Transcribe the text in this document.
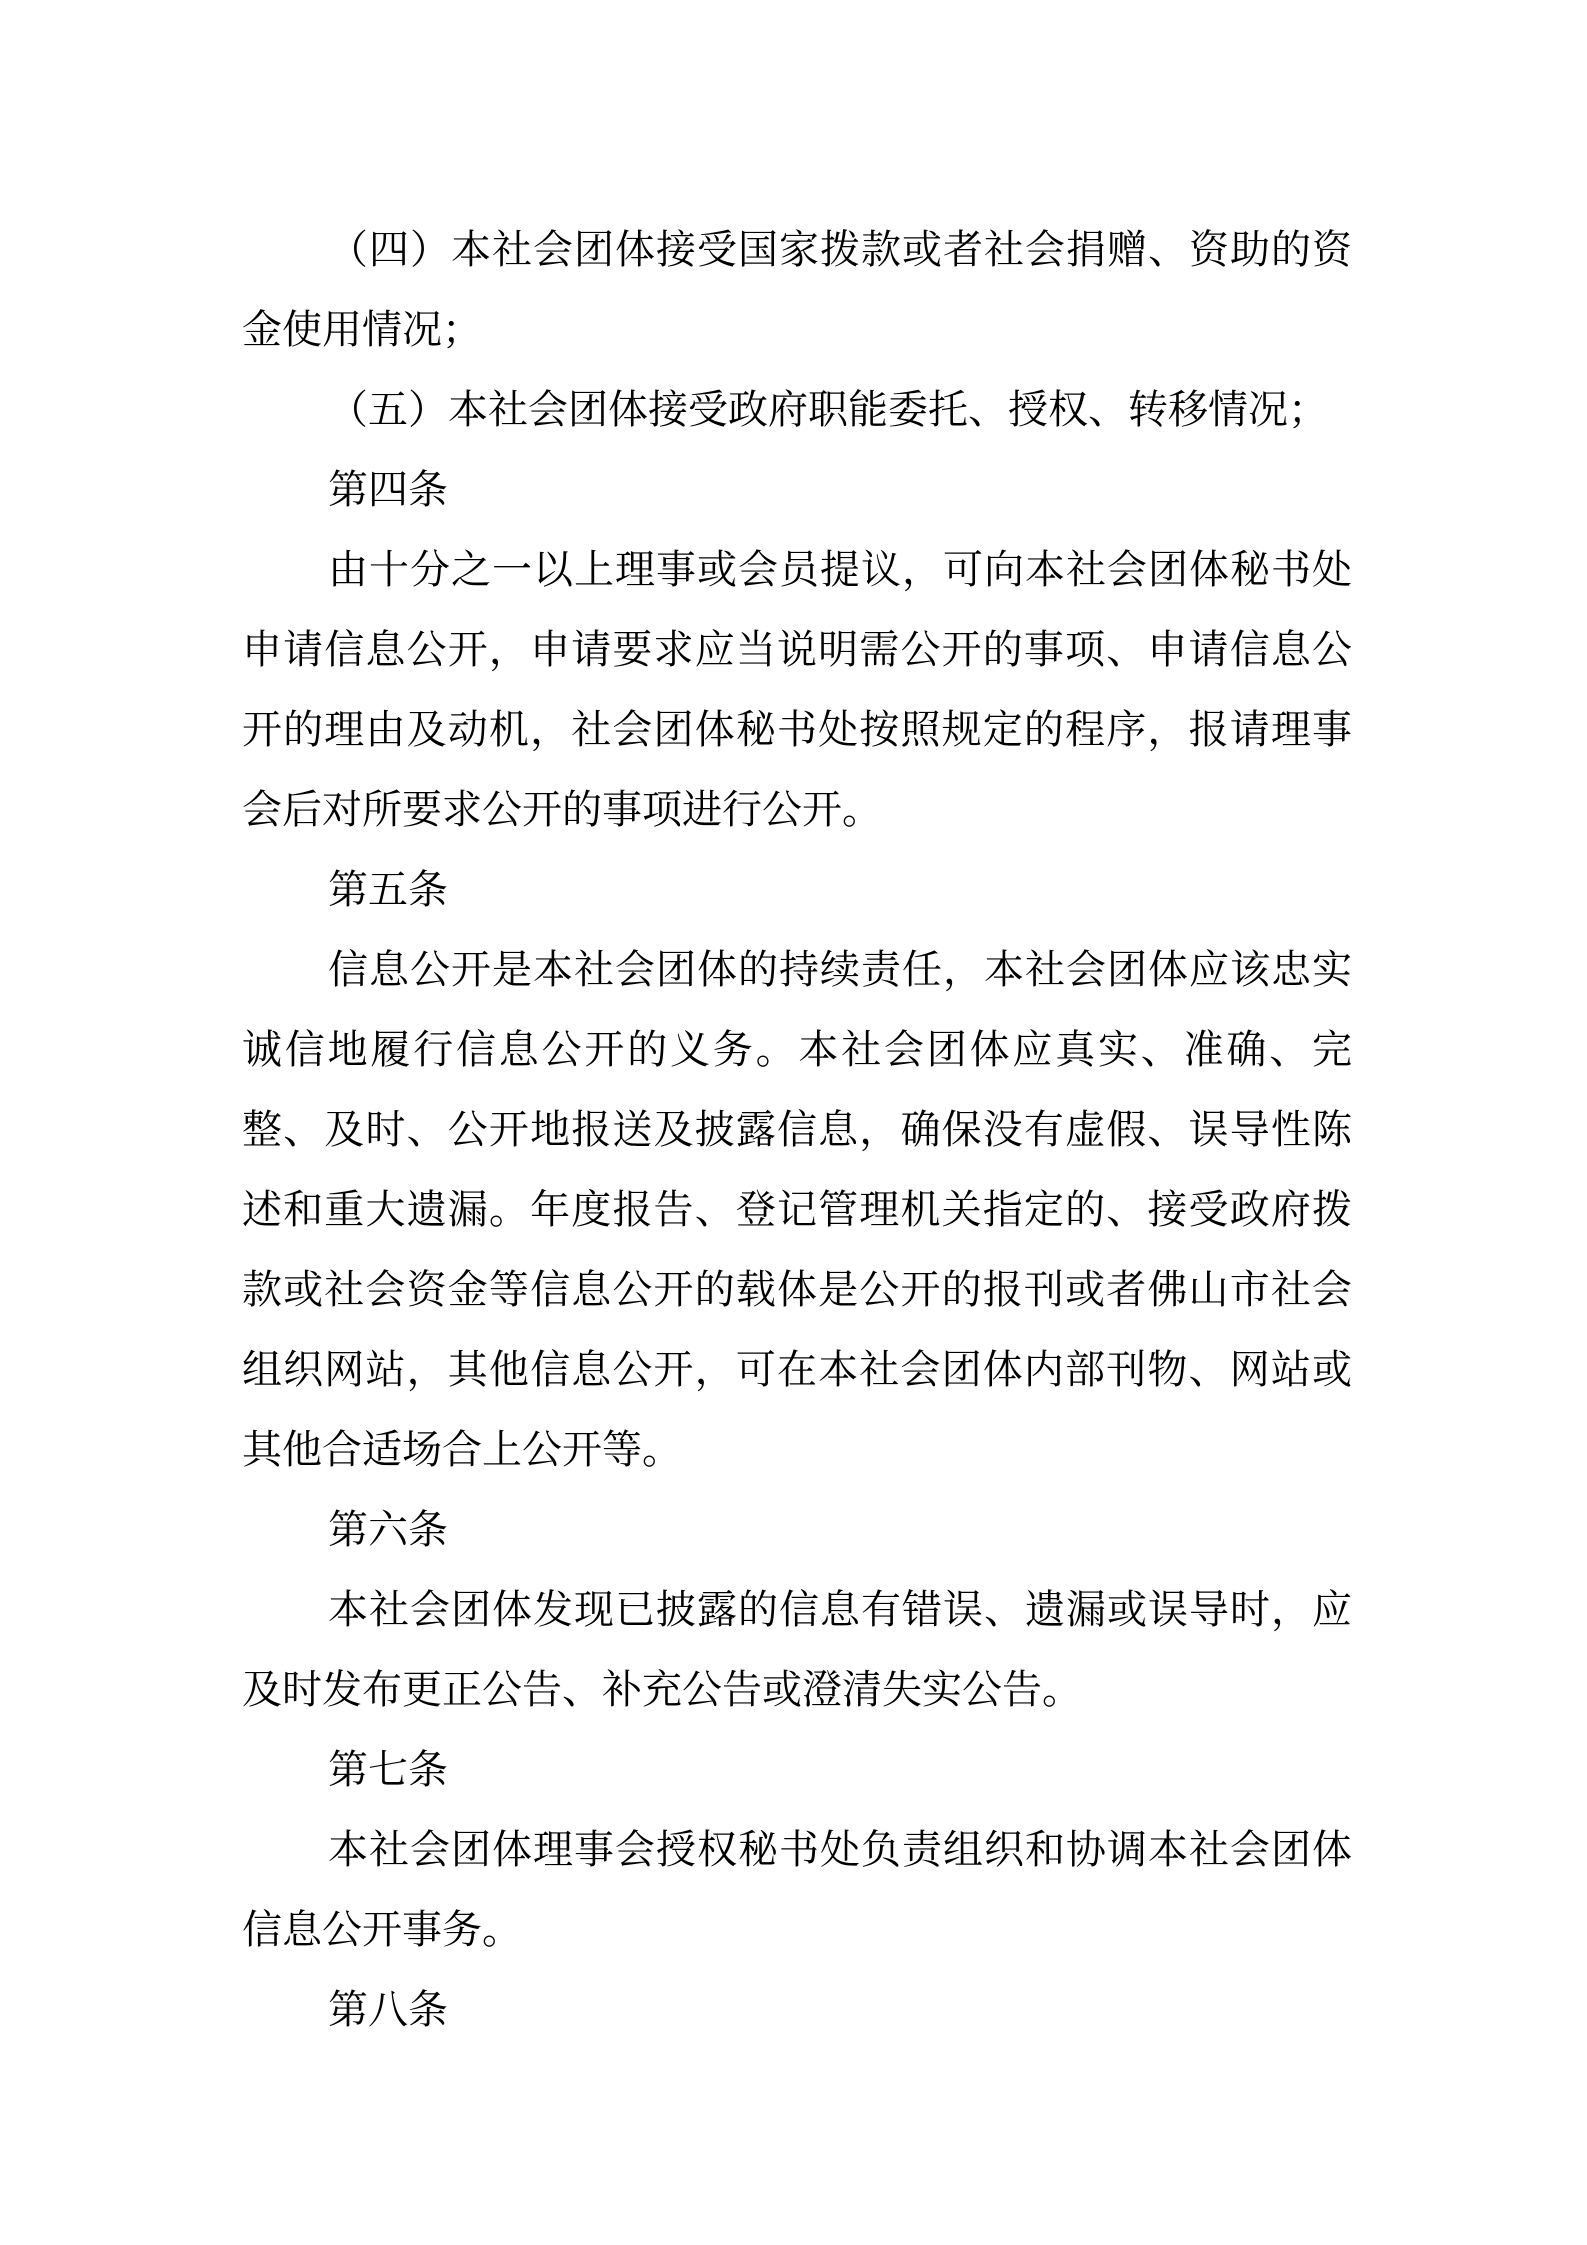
（四）本社会团体接受国家拨款或者社会捐赠、资助的资金使用情况；

（五）本社会团体接受政府职能委托、授权、转移情况；

第四条

由十分之一以上理事或会员提议，可向本社会团体秘书处申请信息公开，申请要求应当说明需公开的事项、申请信息公开的理由及动机，社会团体秘书处按照规定的程序，报请理事会后对所要求公开的事项进行公开。

第五条

信息公开是本社会团体的持续责任，本社会团体应该忠实诚信地履行信息公开的义务。本社会团体应真实、准确、完整、及时、公开地报送及披露信息，确保没有虚假、误导性陈述和重大遗漏。年度报告、登记管理机关指定的、接受政府拨款或社会资金等信息公开的载体是公开的报刊或者佛山市社会组织网站，其他信息公开，可在本社会团体内部刊物、网站或其他合适场合上公开等。

第六条

本社会团体发现已披露的信息有错误、遗漏或误导时，应及时发布更正公告、补充公告或澄清失实公告。

第七条

本社会团体理事会授权秘书处负责组织和协调本社会团体信息公开事务。

第八条
